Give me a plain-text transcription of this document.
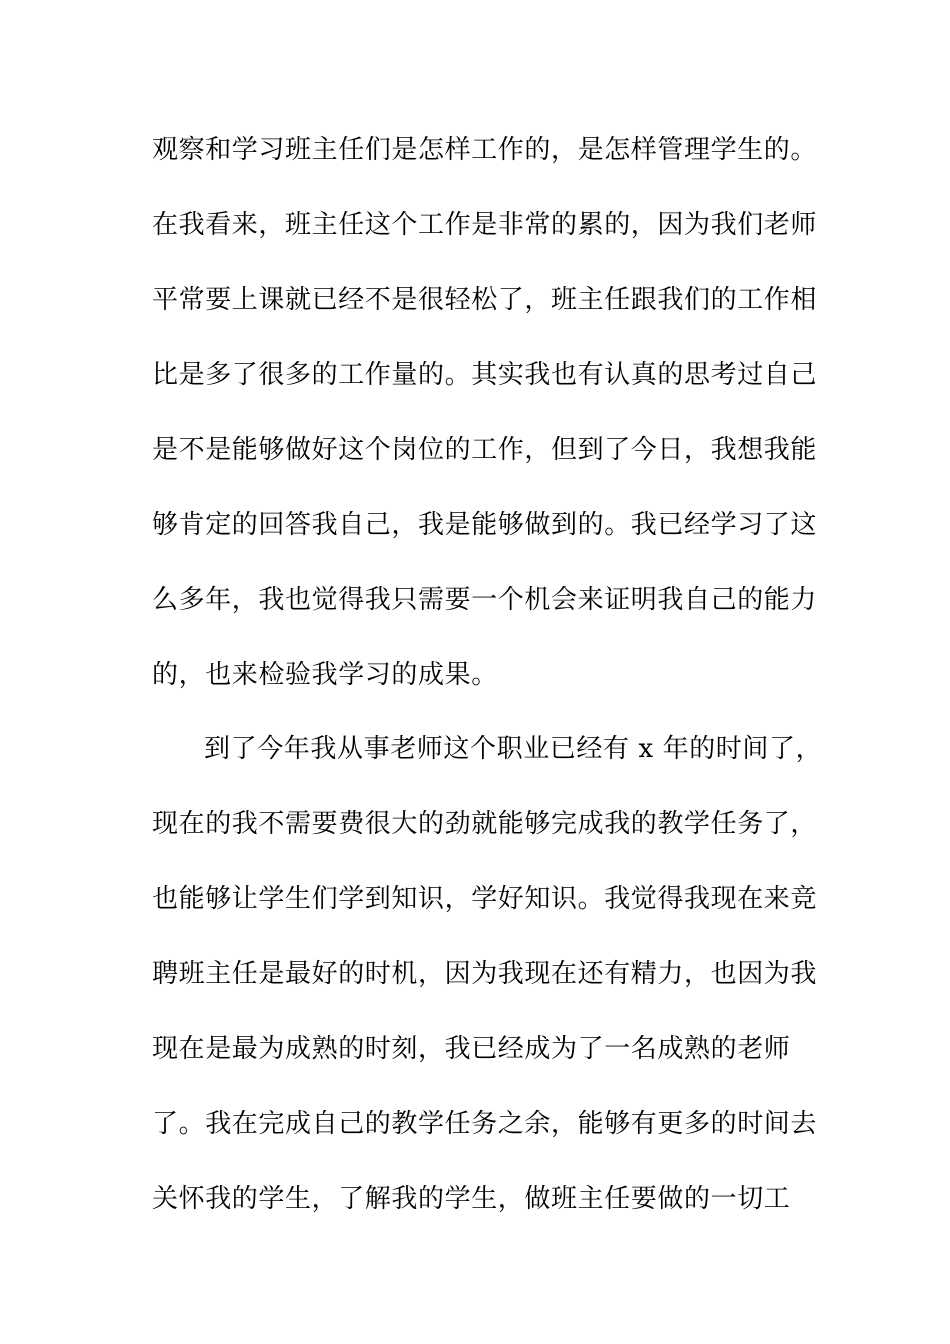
观察和学习班主任们是怎样工作的，是怎样管理学生的。
在我看来，班主任这个工作是非常的累的，因为我们老师
平常要上课就已经不是很轻松了，班主任跟我们的工作相
比是多了很多的工作量的。其实我也有认真的思考过自己
是不是能够做好这个岗位的工作，但到了今日，我想我能
够肯定的回答我自己，我是能够做到的。我已经学习了这
么多年，我也觉得我只需要一个机会来证明我自己的能力
的，也来检验我学习的成果。
到了今年我从事老师这个职业已经有 x 年的时间了，
现在的我不需要费很大的劲就能够完成我的教学任务了，
也能够让学生们学到知识，学好知识。我觉得我现在来竞
聘班主任是最好的时机，因为我现在还有精力，也因为我
现在是最为成熟的时刻，我已经成为了一名成熟的老师
了。我在完成自己的教学任务之余，能够有更多的时间去
关怀我的学生，了解我的学生，做班主任要做的一切工
